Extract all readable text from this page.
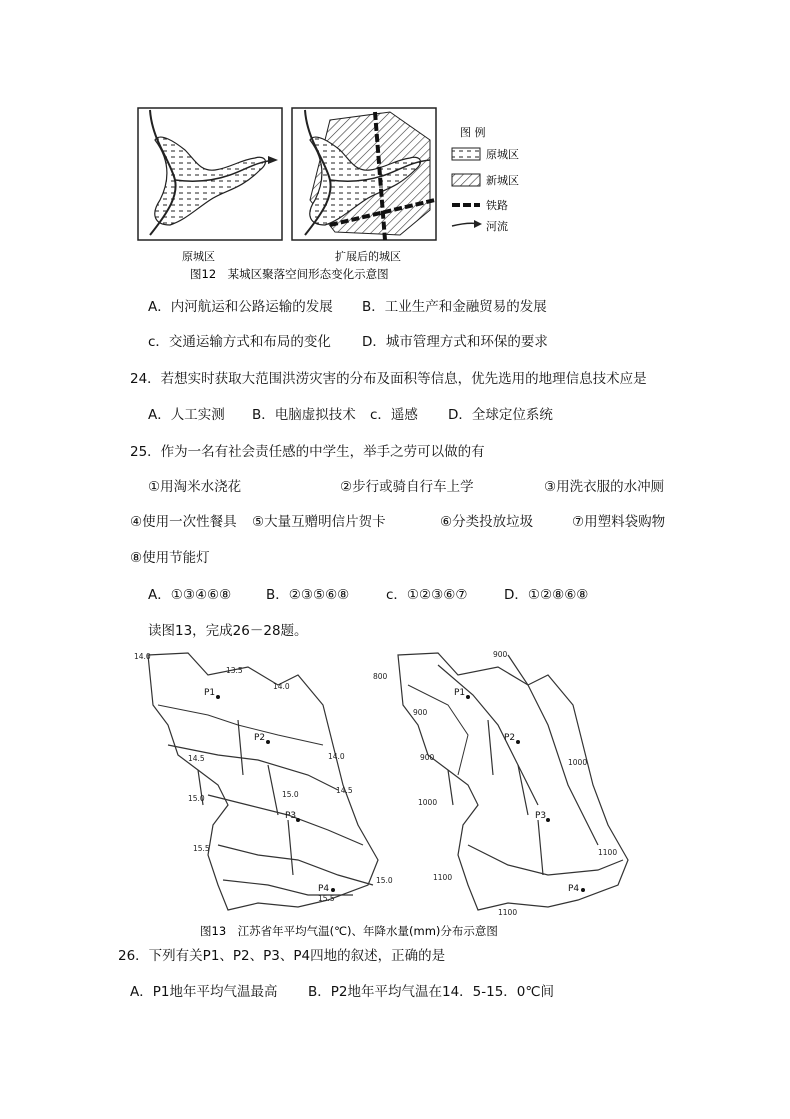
原城区	扩展后的城区
图 例
原城区
新城区
铁路
河流
图12　某城区聚落空间形态变化示意图
A．内河航运和公路运输的发展 B．工业生产和金融贸易的发展
c．交通运输方式和布局的变化 D．城市管理方式和环保的要求
24．若想实时获取大范围洪涝灾害的分布及面积等信息，优先选用的地理信息技术应是
A．人工实测 B．电脑虚拟技术 c．遥感 D．全球定位系统
25．作为一名有社会责任感的中学生，举手之劳可以做的有
①用淘米水浇花	②步行或骑自行车上学	③用洗衣服的水冲厕
④使用一次性餐具 ⑤大量互赠明信片贺卡	⑥分类投放垃圾	⑦用塑料袋购物
⑧使用节能灯
A．①③④⑥⑧	B．②③⑤⑥⑧	c．①②③⑥⑦	D．①②⑧⑥⑧
读图13，完成26－28题。
14.0
13.5
14.0
14.0
14.5
14.5
15.0	15.0
15.5
15.5
15.0
P1
P2
P3
P4
800
900
900
900
1000
1000
1100
1100
1100
P1
P2
P3
P4
图13　江苏省年平均气温(℃)、年降水量(mm)分布示意图
26．下列有关P1、P2、P3、P4四地的叙述，正确的是
A．P1地年平均气温最高 B．P2地年平均气温在14．5-15．0℃间
